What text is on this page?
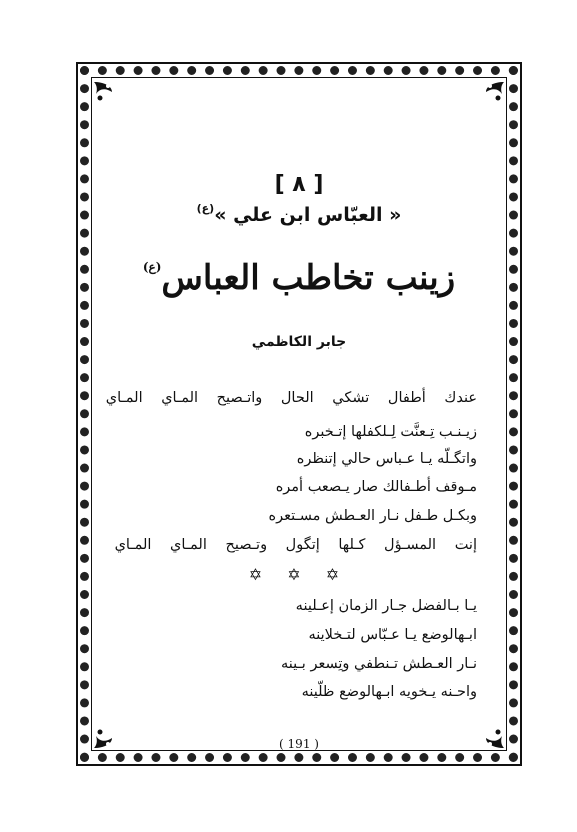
[ ٨ ]
« العبّاس ابن علي »$^{(ع)}$
زينب تخاطب العباس$^{(ع)}$
جابر الكاظمي
عندك أطفال تشكي الحال واتـصيح المـاي المـاي
زيـنـب تِـعنَّت لِـلكفلها إتـخبره
واتگـلّه يـا عـباس حالي إتنظره
مـوقف أطـفالك صار يـصعب أمره
وبكـل طـفل نـار العـطش مسـتعره
إنت المسـؤل كـلها إتگول وتـصيح المـاي المـاي
✡ ✡ ✡
يـا بـالفضل جـار الزمان إعـلينه
ابـهالوضع يـا عـبّاس لتـخلاينه
نـار العـطش تـنطفي وتِسعر بـينه
واحـنه يـخويه ابـهالوضع ظلّينه
( 191 )
